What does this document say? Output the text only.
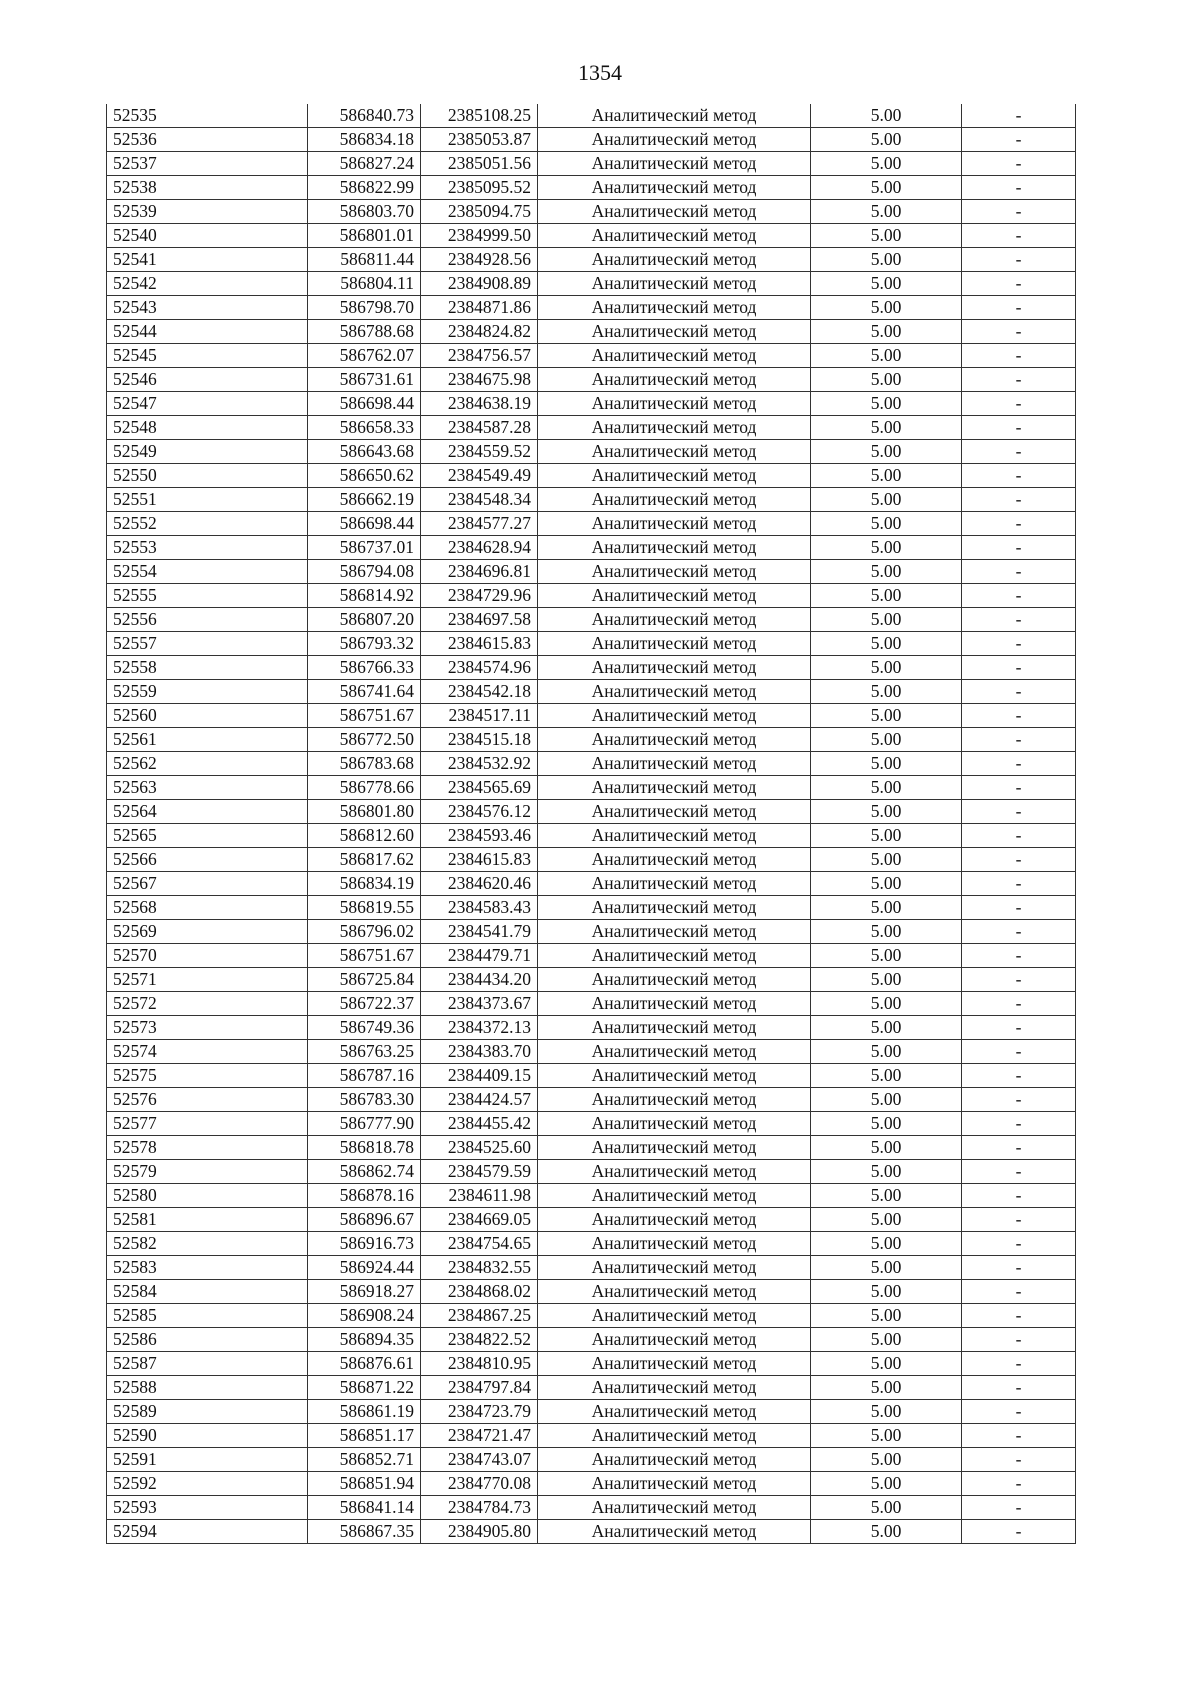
1354
52535	586840.73	2385108.25	Аналитический метод	5.00	-
52536	586834.18	2385053.87	Аналитический метод	5.00	-
52537	586827.24	2385051.56	Аналитический метод	5.00	-
52538	586822.99	2385095.52	Аналитический метод	5.00	-
52539	586803.70	2385094.75	Аналитический метод	5.00	-
52540	586801.01	2384999.50	Аналитический метод	5.00	-
52541	586811.44	2384928.56	Аналитический метод	5.00	-
52542	586804.11	2384908.89	Аналитический метод	5.00	-
52543	586798.70	2384871.86	Аналитический метод	5.00	-
52544	586788.68	2384824.82	Аналитический метод	5.00	-
52545	586762.07	2384756.57	Аналитический метод	5.00	-
52546	586731.61	2384675.98	Аналитический метод	5.00	-
52547	586698.44	2384638.19	Аналитический метод	5.00	-
52548	586658.33	2384587.28	Аналитический метод	5.00	-
52549	586643.68	2384559.52	Аналитический метод	5.00	-
52550	586650.62	2384549.49	Аналитический метод	5.00	-
52551	586662.19	2384548.34	Аналитический метод	5.00	-
52552	586698.44	2384577.27	Аналитический метод	5.00	-
52553	586737.01	2384628.94	Аналитический метод	5.00	-
52554	586794.08	2384696.81	Аналитический метод	5.00	-
52555	586814.92	2384729.96	Аналитический метод	5.00	-
52556	586807.20	2384697.58	Аналитический метод	5.00	-
52557	586793.32	2384615.83	Аналитический метод	5.00	-
52558	586766.33	2384574.96	Аналитический метод	5.00	-
52559	586741.64	2384542.18	Аналитический метод	5.00	-
52560	586751.67	2384517.11	Аналитический метод	5.00	-
52561	586772.50	2384515.18	Аналитический метод	5.00	-
52562	586783.68	2384532.92	Аналитический метод	5.00	-
52563	586778.66	2384565.69	Аналитический метод	5.00	-
52564	586801.80	2384576.12	Аналитический метод	5.00	-
52565	586812.60	2384593.46	Аналитический метод	5.00	-
52566	586817.62	2384615.83	Аналитический метод	5.00	-
52567	586834.19	2384620.46	Аналитический метод	5.00	-
52568	586819.55	2384583.43	Аналитический метод	5.00	-
52569	586796.02	2384541.79	Аналитический метод	5.00	-
52570	586751.67	2384479.71	Аналитический метод	5.00	-
52571	586725.84	2384434.20	Аналитический метод	5.00	-
52572	586722.37	2384373.67	Аналитический метод	5.00	-
52573	586749.36	2384372.13	Аналитический метод	5.00	-
52574	586763.25	2384383.70	Аналитический метод	5.00	-
52575	586787.16	2384409.15	Аналитический метод	5.00	-
52576	586783.30	2384424.57	Аналитический метод	5.00	-
52577	586777.90	2384455.42	Аналитический метод	5.00	-
52578	586818.78	2384525.60	Аналитический метод	5.00	-
52579	586862.74	2384579.59	Аналитический метод	5.00	-
52580	586878.16	2384611.98	Аналитический метод	5.00	-
52581	586896.67	2384669.05	Аналитический метод	5.00	-
52582	586916.73	2384754.65	Аналитический метод	5.00	-
52583	586924.44	2384832.55	Аналитический метод	5.00	-
52584	586918.27	2384868.02	Аналитический метод	5.00	-
52585	586908.24	2384867.25	Аналитический метод	5.00	-
52586	586894.35	2384822.52	Аналитический метод	5.00	-
52587	586876.61	2384810.95	Аналитический метод	5.00	-
52588	586871.22	2384797.84	Аналитический метод	5.00	-
52589	586861.19	2384723.79	Аналитический метод	5.00	-
52590	586851.17	2384721.47	Аналитический метод	5.00	-
52591	586852.71	2384743.07	Аналитический метод	5.00	-
52592	586851.94	2384770.08	Аналитический метод	5.00	-
52593	586841.14	2384784.73	Аналитический метод	5.00	-
52594	586867.35	2384905.80	Аналитический метод	5.00	-
